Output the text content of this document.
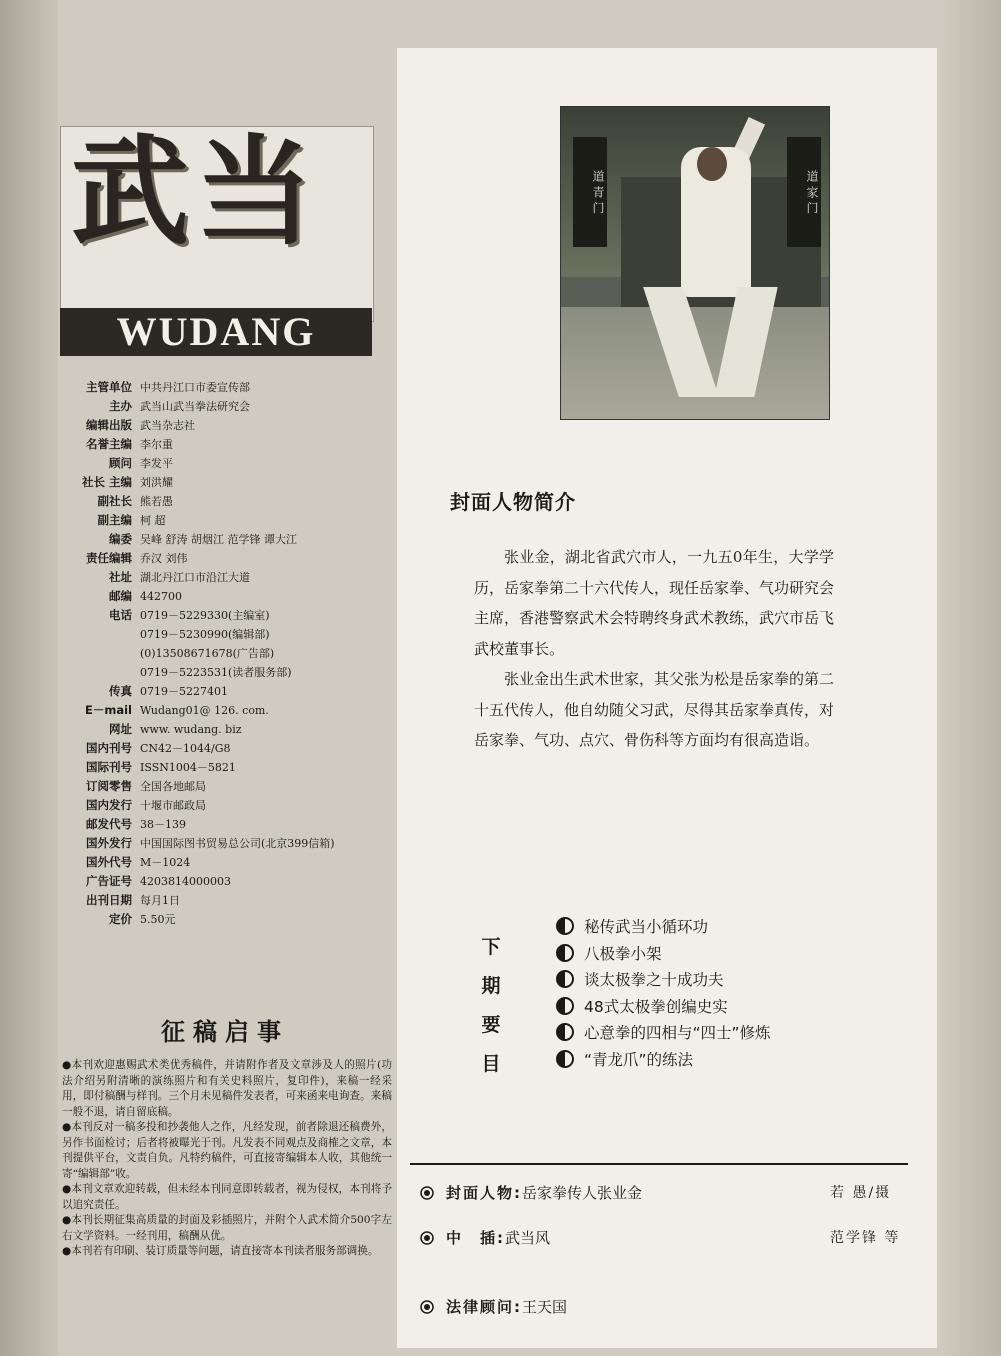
武当
WUDANG
主管单位 中共丹江口市委宣传部
主办 武当山武当拳法研究会
编辑出版 武当杂志社
名誉主编 李尔重
顾问 李发平
社长 主编 刘洪耀
副社长 熊若愚
副主编 柯 超
编委 吴峰 舒涛 胡烟江 范学锋 谭大江
责任编辑 乔汉 刘伟
社址 湖北丹江口市沿江大道
邮编 442700
电话 0719－5229330(主编室)
0719－5230990(编辑部)
(0)13508671678(广告部)
0719－5223531(读者服务部)
传真 0719－5227401
E－mail Wudang01@ 126. com.
网址 www. wudang. biz
国内刊号 CN42－1044/G8
国际刊号 ISSN1004－5821
订阅零售 全国各地邮局
国内发行 十堰市邮政局
邮发代号 38－139
国外发行 中国国际图书贸易总公司(北京399信箱)
国外代号 M－1024
广告证号 4203814000003
出刊日期 每月1日
定价 5.50元
征稿启事

●本刊欢迎惠赐武术类优秀稿件，并请附作者及文章涉及人的照片(功法介绍另附清晰的演练照片和有关史料照片，复印件)，来稿一经采用，即付稿酬与样刊。三个月未见稿件发表者，可来函来电询查。来稿一般不退，请自留底稿。

●本刊反对一稿多投和抄袭他人之作，凡经发现，前者除退还稿费外，另作书面检讨；后者将被曝光于刊。凡发表不同观点及商榷之文章，本刊提供平台，文责自负。凡特约稿件，可直接寄编辑本人收，其他统一寄“编辑部”收。

●本刊文章欢迎转载，但未经本刊同意即转载者，视为侵权，本刊将予以追究责任。

●本刊长期征集高质量的封面及彩插照片，并附个人武术简介500字左右文学资料。一经刊用，稿酬从优。

●本刊若有印刷、装订质量等问题，请直接寄本刊读者服务部调换。

道 青 门	道 家 门
封面人物简介

张业金，湖北省武穴市人，一九五0年生，大学学历，岳家拳第二十六代传人，现任岳家拳、气功研究会主席，香港警察武术会特聘终身武术教练，武穴市岳飞武校董事长。

张业金出生武术世家，其父张为松是岳家拳的第二十五代传人，他自幼随父习武，尽得其岳家拳真传，对岳家拳、气功、点穴、骨伤科等方面均有很高造诣。

下
期
要
目
秘传武当小循环功
八极拳小架
谈太极拳之十成功夫
48式太极拳创编史实
心意拳的四相与“四士”修炼
“青龙爪”的练法
封面人物: 岳家拳传人张业金	若 愚/摄
中　插: 武当风	范学锋 等
法律顾问: 王天国
